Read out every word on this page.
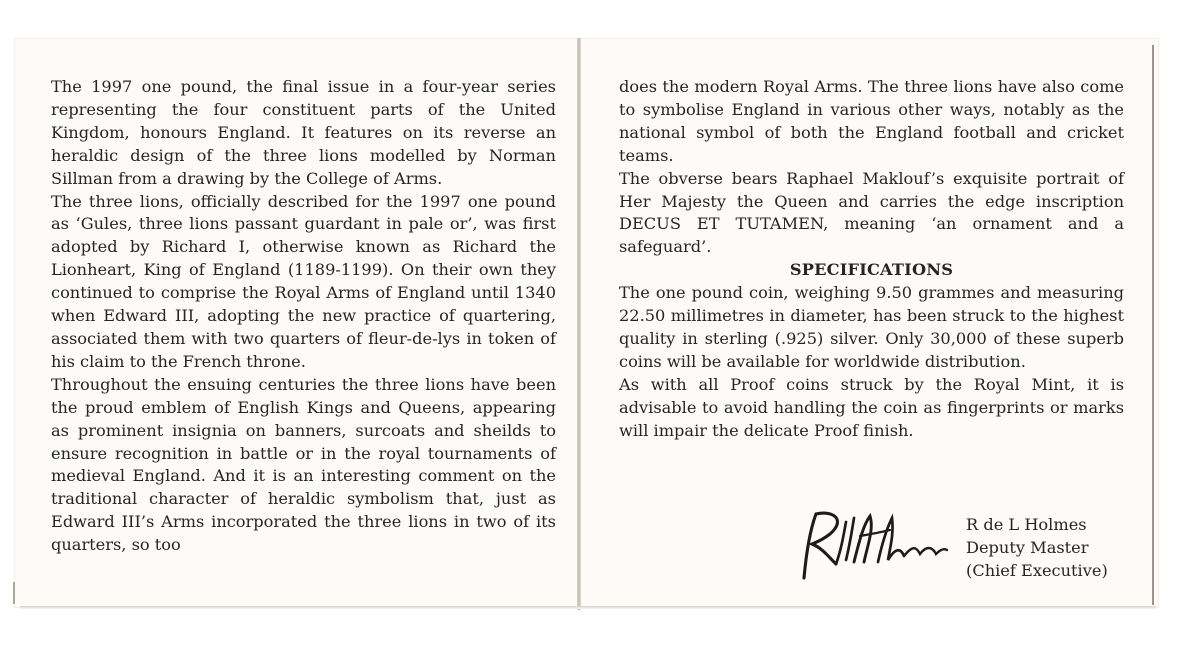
The 1997 one pound, the final issue in a four-year series representing the four constituent parts of the United Kingdom, honours England. It features on its reverse an heraldic design of the three lions modelled by Norman Sillman from a drawing by the College of Arms.

The three lions, officially described for the 1997 one pound as ‘Gules, three lions passant guardant in pale or’, was first adopted by Richard I, otherwise known as Richard the Lionheart, King of England (1189-1199). On their own they continued to comprise the Royal Arms of England until 1340 when Edward III, adopting the new practice of quartering, associated them with two quarters of fleur-de-lys in token of his claim to the French throne.

Throughout the ensuing centuries the three lions have been the proud emblem of English Kings and Queens, appearing as prominent insignia on banners, surcoats and sheilds to ensure recognition in battle or in the royal tournaments of medieval England. And it is an interesting comment on the traditional character of heraldic symbolism that, just as Edward III’s Arms incorporated the three lions in two of its quarters, so too

does the modern Royal Arms. The three lions have also come to symbolise England in various other ways, notably as the national symbol of both the England football and cricket teams.

The obverse bears Raphael Maklouf’s exquisite portrait of Her Majesty the Queen and carries the edge inscription DECUS ET TUTAMEN, meaning ‘an ornament and a safeguard’.

SPECIFICATIONS

The one pound coin, weighing 9.50 grammes and measuring 22.50 millimetres in diameter, has been struck to the highest quality in sterling (.925) silver. Only 30,000 of these superb coins will be available for worldwide distribution.

As with all Proof coins struck by the Royal Mint, it is advisable to avoid handling the coin as fingerprints or marks will impair the delicate Proof finish.

R de L Holmes
Deputy Master
(Chief Executive)
